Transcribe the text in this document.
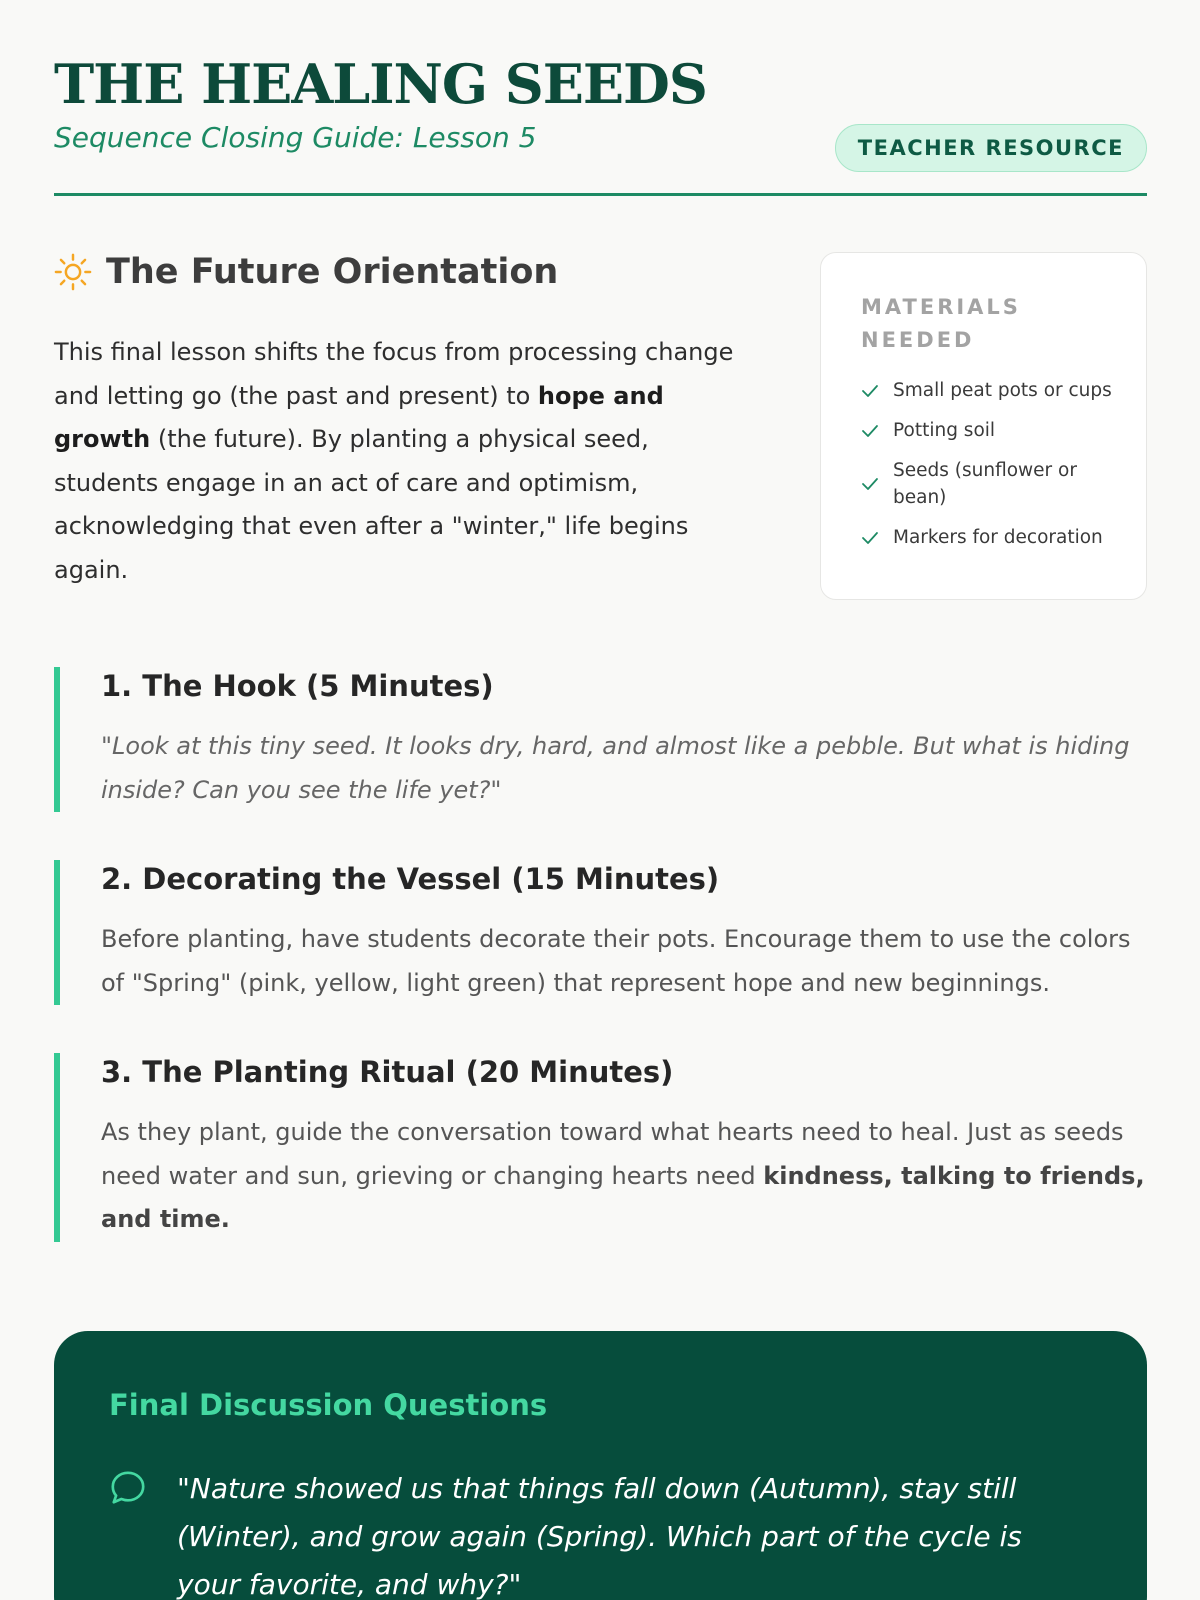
THE HEALING SEEDS
Sequence Closing Guide: Lesson 5	TEACHER RESOURCE
The Future Orientation

This final lesson shifts the focus from processing change and letting go (the past and present) to hope and growth (the future). By planting a physical seed, students engage in an act of care and optimism, acknowledging that even after a "winter," life begins again.

MATERIALS NEEDED
Small peat pots or cups
Potting soil
Seeds (sunflower or bean)
Markers for decoration
1. The Hook (5 Minutes)

"Look at this tiny seed. It looks dry, hard, and almost like a pebble. But what is hiding inside? Can you see the life yet?"

2. Decorating the Vessel (15 Minutes)

Before planting, have students decorate their pots. Encourage them to use the colors of "Spring" (pink, yellow, light green) that represent hope and new beginnings.

3. The Planting Ritual (20 Minutes)

As they plant, guide the conversation toward what hearts need to heal. Just as seeds need water and sun, grieving or changing hearts need kindness, talking to friends, and time.

Final Discussion Questions

"Nature showed us that things fall down (Autumn), stay still (Winter), and grow again (Spring). Which part of the cycle is your favorite, and why?"
